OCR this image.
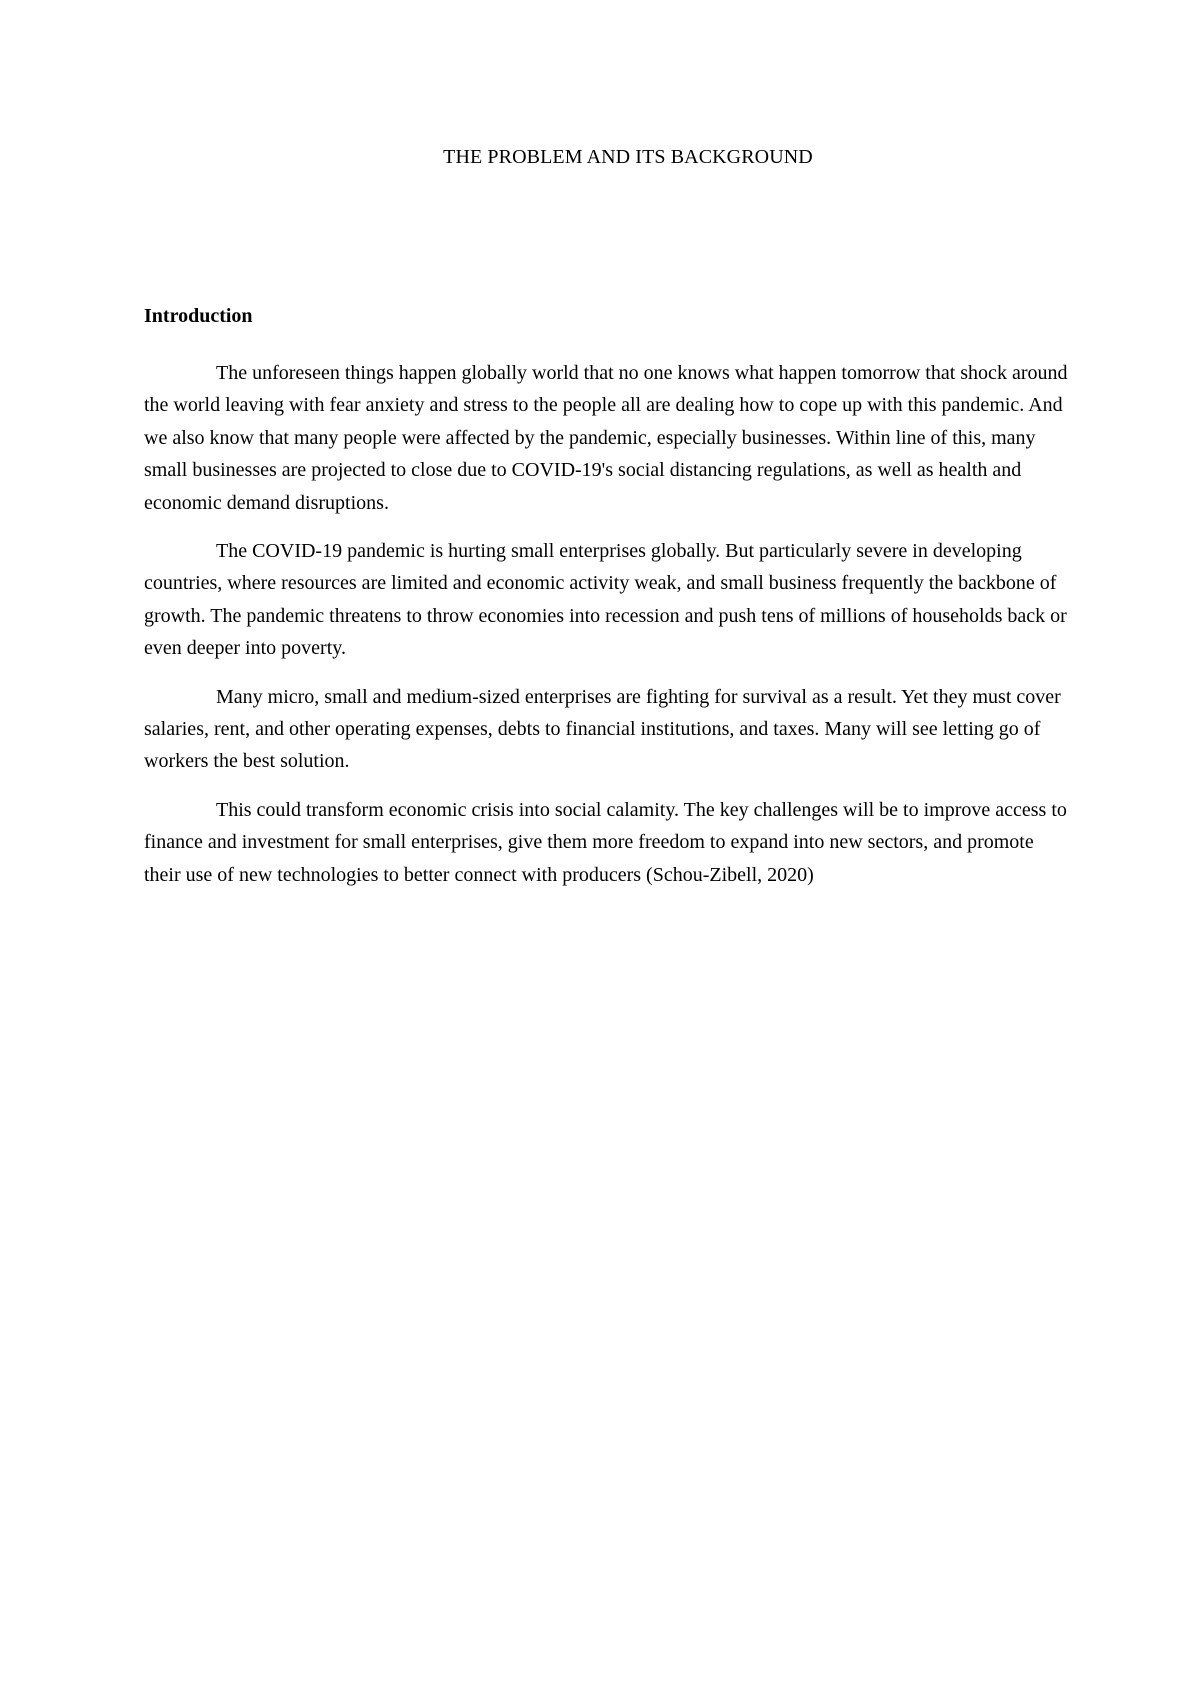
THE PROBLEM AND ITS BACKGROUND
Introduction

The unforeseen things happen globally world that no one knows what happen tomorrow that shock around the world leaving with fear anxiety and stress to the people all are dealing how to cope up with this pandemic. And we also know that many people were affected by the pandemic, especially businesses. Within line of this, many small businesses are projected to close due to COVID-19's social distancing regulations, as well as health and economic demand disruptions.

The COVID-19 pandemic is hurting small enterprises globally. But particularly severe in developing countries, where resources are limited and economic activity weak, and small business frequently the backbone of growth. The pandemic threatens to throw economies into recession and push tens of millions of households back or even deeper into poverty.

Many micro, small and medium-sized enterprises are fighting for survival as a result. Yet they must cover salaries, rent, and other operating expenses, debts to financial institutions, and taxes. Many will see letting go of workers the best solution.

This could transform economic crisis into social calamity. The key challenges will be to improve access to finance and investment for small enterprises, give them more freedom to expand into new sectors, and promote their use of new technologies to better connect with producers (Schou-Zibell, 2020)
